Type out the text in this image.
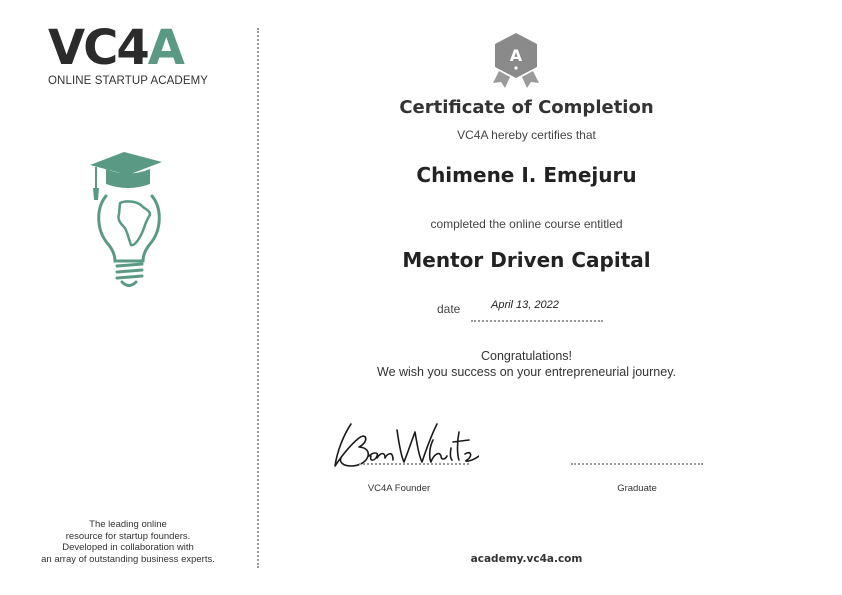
VC4A
ONLINE STARTUP ACADEMY
The leading online
resource for startup founders.
Developed in collaboration with
an array of outstanding business experts.
A
Certificate of Completion
VC4A hereby certifies that
Chimene I. Emejuru
completed the online course entitled
Mentor Driven Capital
date	April 13, 2022
Congratulations!
We wish you success on your entrepreneurial journey.
BenWhite
VC4A Founder	Graduate
academy.vc4a.com
